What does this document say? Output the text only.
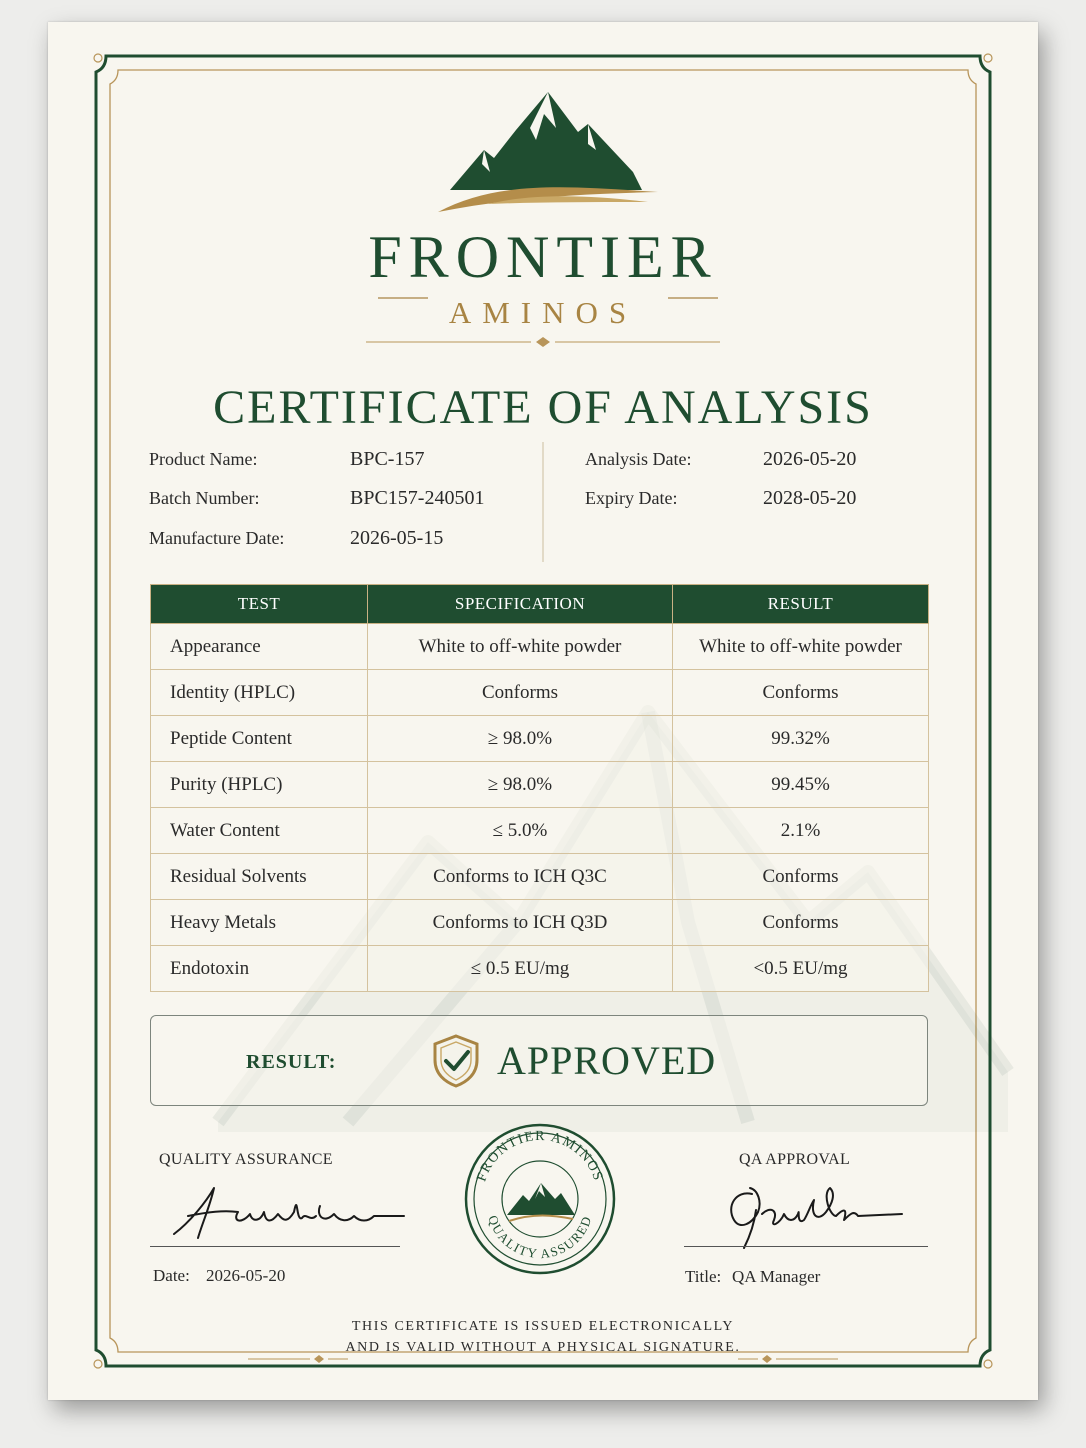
FRONTIER
AMINOS
CERTIFICATE OF ANALYSIS
Product Name:	BPC-157
Batch Number:	BPC157-240501
Manufacture Date:	2026-05-15
Analysis Date:	2026-05-20
Expiry Date:	2028-05-20
TEST	SPECIFICATION	RESULT
Appearance	White to off-white powder	White to off-white powder
Identity (HPLC)	Conforms	Conforms
Peptide Content	≥ 98.0%	99.32%
Purity (HPLC)	≥ 98.0%	99.45%
Water Content	≤ 5.0%	2.1%
Residual Solvents	Conforms to ICH Q3C	Conforms
Heavy Metals	Conforms to ICH Q3D	Conforms
Endotoxin	≤ 0.5 EU/mg	<0.5 EU/mg
RESULT:	APPROVED
QUALITY ASSURANCE
Date: 2026-05-20
QA APPROVAL
Title: QA Manager
FRONTIER AMINOS
QUALITY ASSURED
THIS CERTIFICATE IS ISSUED ELECTRONICALLY
AND IS VALID WITHOUT A PHYSICAL SIGNATURE.
